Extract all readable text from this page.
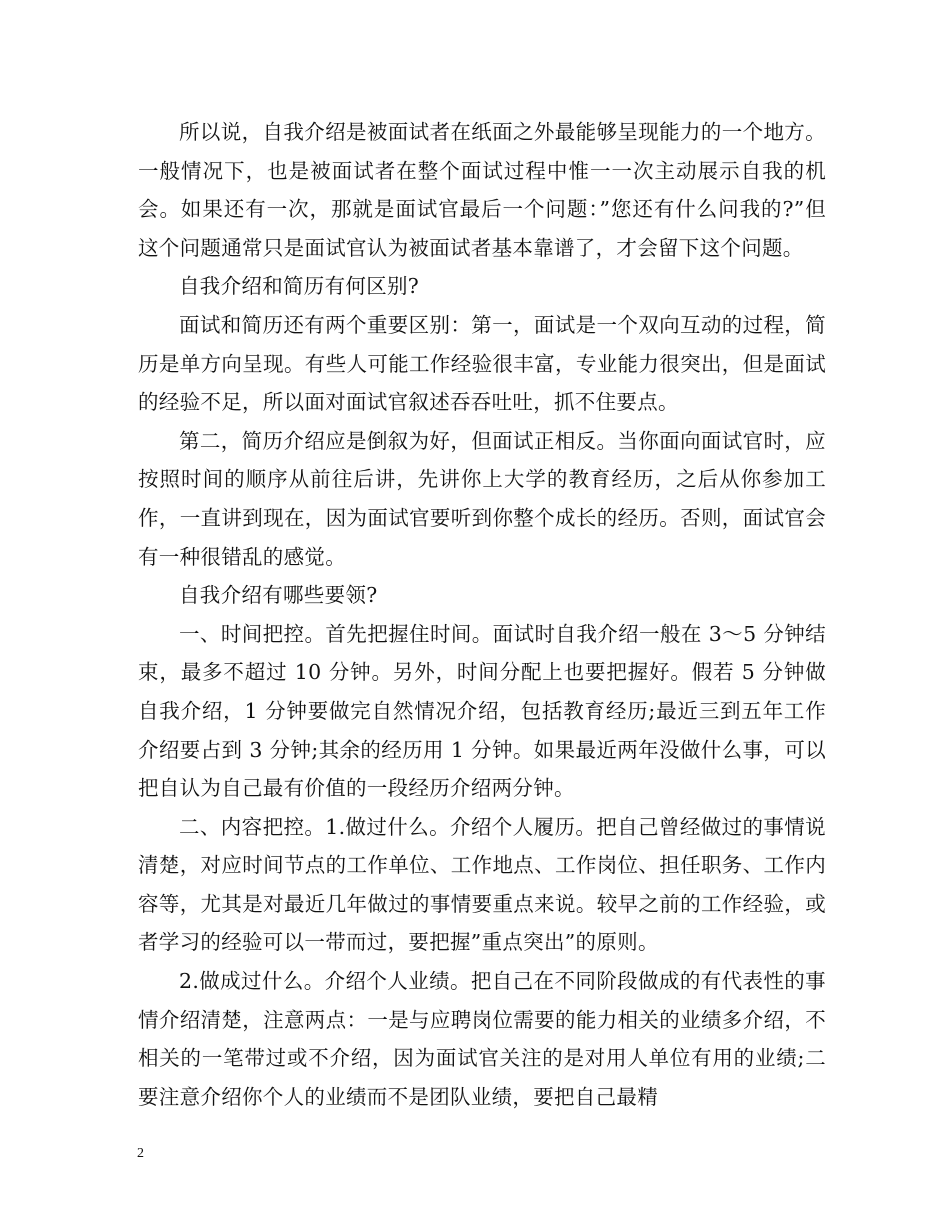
所以说，自我介绍是被面试者在纸面之外最能够呈现能力的一个地方。一般情况下，也是被面试者在整个面试过程中惟一一次主动展示自我的机会。如果还有一次，那就是面试官最后一个问题：”您还有什么问我的?”但这个问题通常只是面试官认为被面试者基本靠谱了，才会留下这个问题。

自我介绍和简历有何区别?

面试和简历还有两个重要区别：第一，面试是一个双向互动的过程，简历是单方向呈现。有些人可能工作经验很丰富，专业能力很突出，但是面试的经验不足，所以面对面试官叙述吞吞吐吐，抓不住要点。

第二，简历介绍应是倒叙为好，但面试正相反。当你面向面试官时，应按照时间的顺序从前往后讲，先讲你上大学的教育经历，之后从你参加工作，一直讲到现在，因为面试官要听到你整个成长的经历。否则，面试官会有一种很错乱的感觉。

自我介绍有哪些要领?

一、时间把控。首先把握住时间。面试时自我介绍一般在 3～5 分钟结束，最多不超过 10 分钟。另外，时间分配上也要把握好。假若 5 分钟做自我介绍，1 分钟要做完自然情况介绍，包括教育经历;最近三到五年工作介绍要占到 3 分钟;其余的经历用 1 分钟。如果最近两年没做什么事，可以把自认为自己最有价值的一段经历介绍两分钟。

二、内容把控。1.做过什么。介绍个人履历。把自己曾经做过的事情说清楚，对应时间节点的工作单位、工作地点、工作岗位、担任职务、工作内容等，尤其是对最近几年做过的事情要重点来说。较早之前的工作经验，或者学习的经验可以一带而过，要把握”重点突出”的原则。

2.做成过什么。介绍个人业绩。把自己在不同阶段做成的有代表性的事情介绍清楚，注意两点：一是与应聘岗位需要的能力相关的业绩多介绍，不相关的一笔带过或不介绍，因为面试官关注的是对用人单位有用的业绩;二要注意介绍你个人的业绩而不是团队业绩，要把自己最精

2
